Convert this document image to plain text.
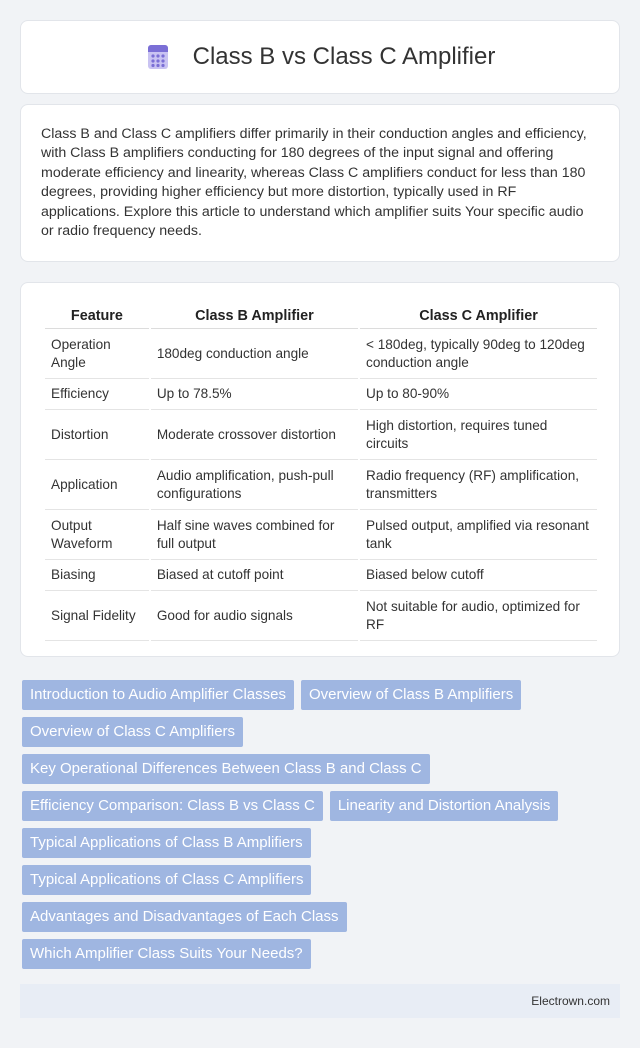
Class B vs Class C Amplifier

Class B and Class C amplifiers differ primarily in their conduction angles and efficiency, with Class B amplifiers conducting for 180 degrees of the input signal and offering moderate efficiency and linearity, whereas Class C amplifiers conduct for less than 180 degrees, providing higher efficiency but more distortion, typically used in RF applications. Explore this article to understand which amplifier suits Your specific audio or radio frequency needs.

Feature	Class B Amplifier	Class C Amplifier
Operation Angle	180deg conduction angle	< 180deg, typically 90deg to 120deg conduction angle
Efficiency	Up to 78.5%	Up to 80-90%
Distortion	Moderate crossover distortion	High distortion, requires tuned circuits
Application	Audio amplification, push-pull configurations	Radio frequency (RF) amplification, transmitters
Output Waveform	Half sine waves combined for full output	Pulsed output, amplified via resonant tank
Biasing	Biased at cutoff point	Biased below cutoff
Signal Fidelity	Good for audio signals	Not suitable for audio, optimized for RF
Introduction to Audio Amplifier Classes	Overview of Class B Amplifiers
Overview of Class C Amplifiers
Key Operational Differences Between Class B and Class C
Efficiency Comparison: Class B vs Class C	Linearity and Distortion Analysis
Typical Applications of Class B Amplifiers
Typical Applications of Class C Amplifiers
Advantages and Disadvantages of Each Class
Which Amplifier Class Suits Your Needs?
Electrown.com
